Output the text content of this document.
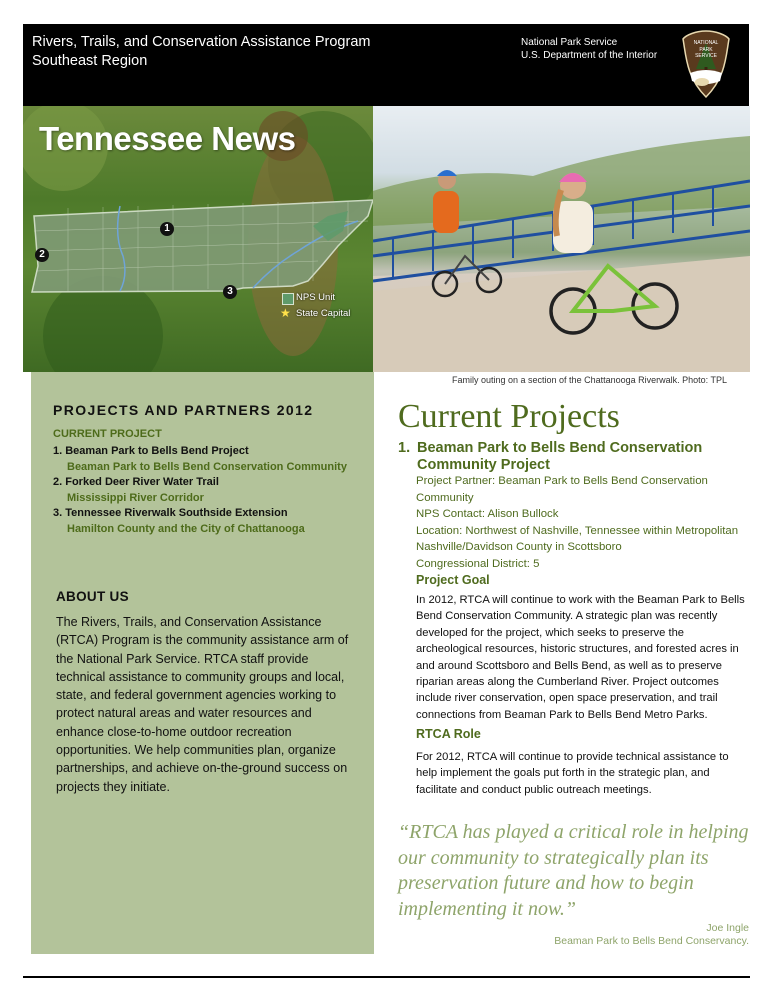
Rivers, Trails, and Conservation Assistance Program
Southeast Region
National Park Service
U.S. Department of the Interior
NATIONAL
PARK
SERVICE
1
2
3
NPS Unit
★ State Capital
Tennessee News
Family outing on a section of the Chattanooga Riverwalk. Photo: TPL
PROJECTS AND PARTNERS 2012
CURRENT PROJECT
1. Beaman Park to Bells Bend Project
Beaman Park to Bells Bend Conservation Community
2. Forked Deer River Water Trail
Mississippi River Corridor
3. Tennessee Riverwalk Southside Extension
Hamilton County and the City of Chattanooga
ABOUT US
The Rivers, Trails, and Conservation Assistance (RTCA) Program is the community assistance arm of the National Park Service. RTCA staff provide technical assistance to community groups and local, state, and federal government agencies working to protect natural areas and water resources and enhance close-to-home outdoor recreation opportunities. We help communities plan, organize partnerships, and achieve on-the-ground success on projects they initiate.
Current Projects
1. Beaman Park to Bells Bend Conservation Community Project
Project Partner: Beaman Park to Bells Bend Conservation Community
NPS Contact: Alison Bullock
Location: Northwest of Nashville, Tennessee within Metropolitan Nashville/Davidson County in Scottsboro
Congressional District: 5
Project Goal
In 2012, RTCA will continue to work with the Beaman Park to Bells Bend Conservation Community. A strategic plan was recently developed for the project, which seeks to preserve the archeological resources, historic structures, and forested acres in and around Scottsboro and Bells Bend, as well as to preserve riparian areas along the Cumberland River. Project outcomes include river conservation, open space preservation, and trail connections from Beaman Park to Bells Bend Metro Parks.
RTCA Role
For 2012, RTCA will continue to provide technical assistance to help implement the goals put forth in the strategic plan, and facilitate and conduct public outreach meetings.
“RTCA has played a critical role in helping our community to strategically plan its preservation future and how to begin implementing it now.”
Joe Ingle
Beaman Park to Bells Bend Conservancy.
